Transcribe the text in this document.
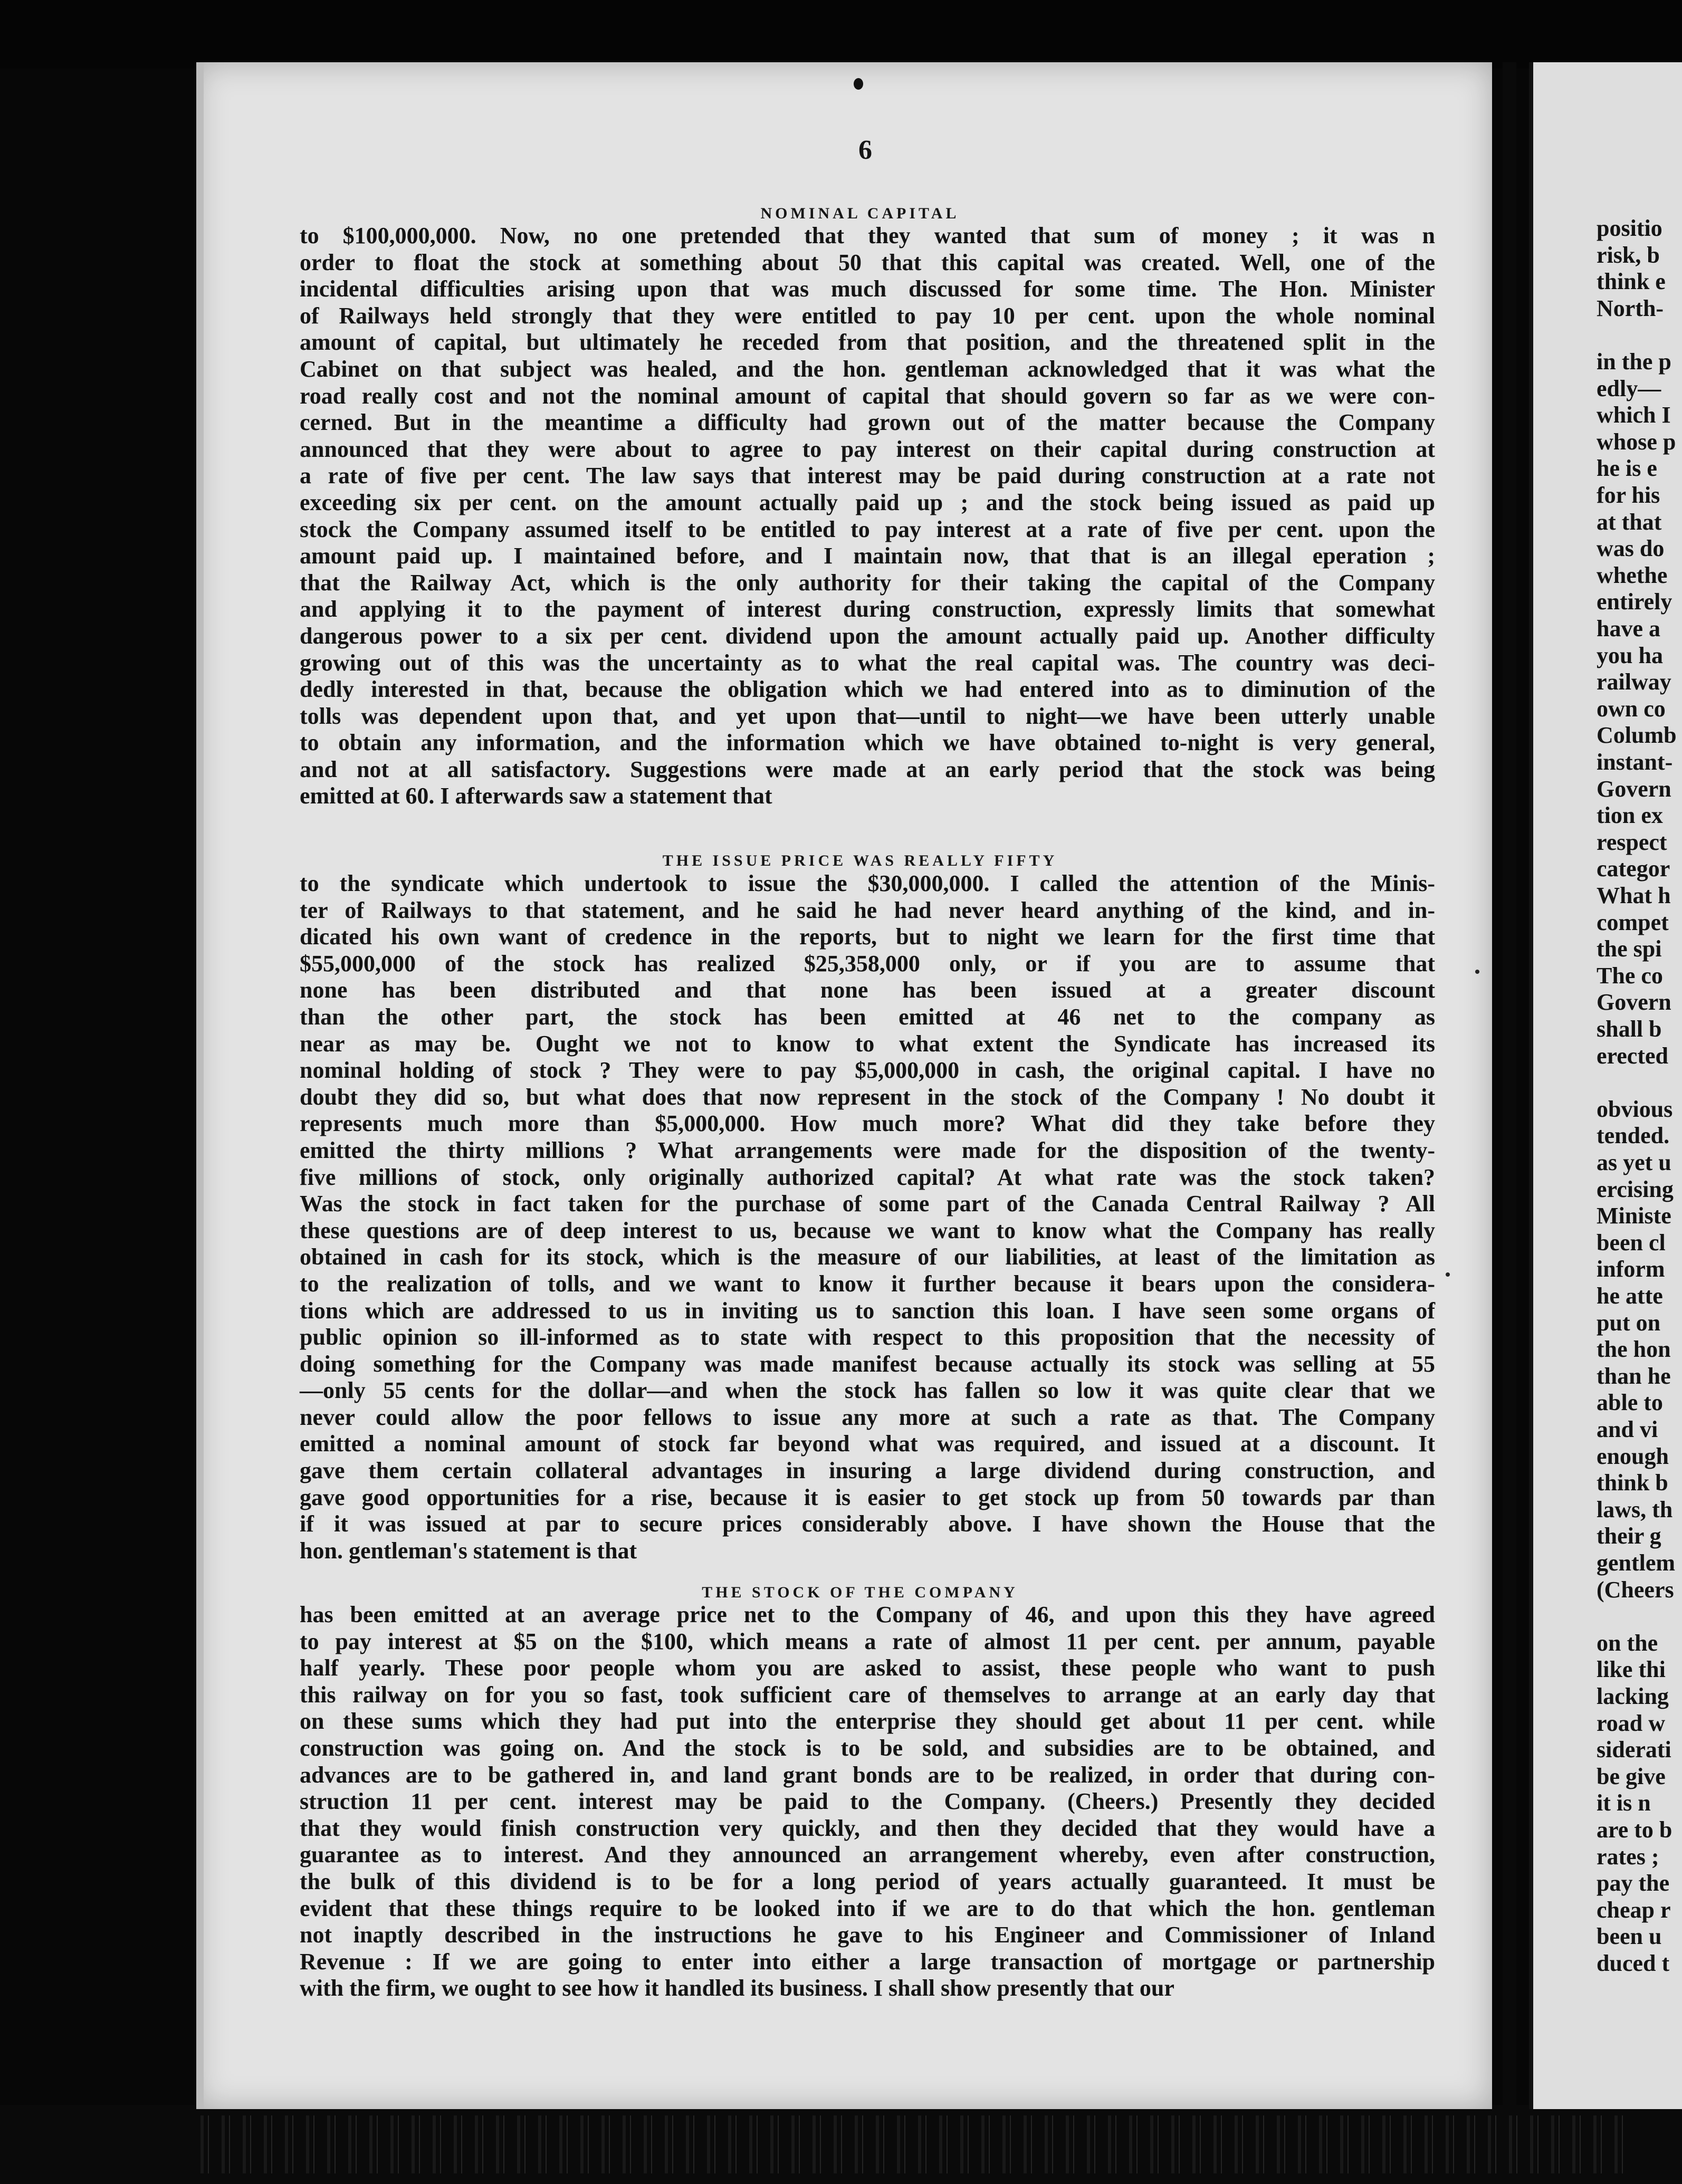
6
NOMINAL CAPITAL
to $100,000,000. Now, no one pretended that they wanted that sum of money ; it was n
order to float the stock at something about 50 that this capital was created. Well, one of the
incidental difficulties arising upon that was much discussed for some time. The Hon. Minister
of Railways held strongly that they were entitled to pay 10 per cent. upon the whole nominal
amount of capital, but ultimately he receded from that position, and the threatened split in the
Cabinet on that subject was healed, and the hon. gentleman acknowledged that it was what the
road really cost and not the nominal amount of capital that should govern so far as we were con-
cerned. But in the meantime a difficulty had grown out of the matter because the Company
announced that they were about to agree to pay interest on their capital during construction at
a rate of five per cent. The law says that interest may be paid during construction at a rate not
exceeding six per cent. on the amount actually paid up ; and the stock being issued as paid up
stock the Company assumed itself to be entitled to pay interest at a rate of five per cent. upon the
amount paid up. I maintained before, and I maintain now, that that is an illegal eperation ;
that the Railway Act, which is the only authority for their taking the capital of the Company
and applying it to the payment of interest during construction, expressly limits that somewhat
dangerous power to a six per cent. dividend upon the amount actually paid up. Another difficulty
growing out of this was the uncertainty as to what the real capital was. The country was deci-
dedly interested in that, because the obligation which we had entered into as to diminution of the
tolls was dependent upon that, and yet upon that—until to night—we have been utterly unable
to obtain any information, and the information which we have obtained to-night is very general,
and not at all satisfactory. Suggestions were made at an early period that the stock was being
emitted at 60. I afterwards saw a statement that
THE ISSUE PRICE WAS REALLY FIFTY
to the syndicate which undertook to issue the $30,000,000. I called the attention of the Minis-
ter of Railways to that statement, and he said he had never heard anything of the kind, and in-
dicated his own want of credence in the reports, but to night we learn for the first time that
$55,000,000 of the stock has realized $25,358,000 only, or if you are to assume that
none has been distributed and that none has been issued at a greater discount
than the other part, the stock has been emitted at 46 net to the company as
near as may be. Ought we not to know to what extent the Syndicate has increased its
nominal holding of stock ? They were to pay $5,000,000 in cash, the original capital. I have no
doubt they did so, but what does that now represent in the stock of the Company ! No doubt it
represents much more than $5,000,000. How much more? What did they take before they
emitted the thirty millions ? What arrangements were made for the disposition of the twenty-
five millions of stock, only originally authorized capital? At what rate was the stock taken?
Was the stock in fact taken for the purchase of some part of the Canada Central Railway ? All
these questions are of deep interest to us, because we want to know what the Company has really
obtained in cash for its stock, which is the measure of our liabilities, at least of the limitation as
to the realization of tolls, and we want to know it further because it bears upon the considera-
tions which are addressed to us in inviting us to sanction this loan. I have seen some organs of
public opinion so ill-informed as to state with respect to this proposition that the necessity of
doing something for the Company was made manifest because actually its stock was selling at 55
—only 55 cents for the dollar—and when the stock has fallen so low it was quite clear that we
never could allow the poor fellows to issue any more at such a rate as that. The Company
emitted a nominal amount of stock far beyond what was required, and issued at a discount. It
gave them certain collateral advantages in insuring a large dividend during construction, and
gave good opportunities for a rise, because it is easier to get stock up from 50 towards par than
if it was issued at par to secure prices considerably above. I have shown the House that the
hon. gentleman's statement is that
THE STOCK OF THE COMPANY
has been emitted at an average price net to the Company of 46, and upon this they have agreed
to pay interest at $5 on the $100, which means a rate of almost 11 per cent. per annum, payable
half yearly. These poor people whom you are asked to assist, these people who want to push
this railway on for you so fast, took sufficient care of themselves to arrange at an early day that
on these sums which they had put into the enterprise they should get about 11 per cent. while
construction was going on. And the stock is to be sold, and subsidies are to be obtained, and
advances are to be gathered in, and land grant bonds are to be realized, in order that during con-
struction 11 per cent. interest may be paid to the Company. (Cheers.) Presently they decided
that they would finish construction very quickly, and then they decided that they would have a
guarantee as to interest. And they announced an arrangement whereby, even after construction,
the bulk of this dividend is to be for a long period of years actually guaranteed. It must be
evident that these things require to be looked into if we are to do that which the hon. gentleman
not inaptly described in the instructions he gave to his Engineer and Commissioner of Inland
Revenue : If we are going to enter into either a large transaction of mortgage or partnership
with the firm, we ought to see how it handled its business. I shall show presently that our
positio
risk, b
think e
North-
in the p
edly—
which I
whose p
he is e
for his
at that
was do
whethe
entirely
have a
you ha
railway
own co
Columb
instant-
Govern
tion ex
respect
categor
What h
compet
the spi
The co
Govern
shall b
erected
obvious
tended.
as yet u
ercising
Ministe
been cl
inform
he atte
put on
the hon
than he
able to
and vi
enough
think b
laws, th
their g
gentlem
(Cheers
on the
like thi
lacking
road w
siderati
be give
it is n
are to b
rates ;
pay the
cheap r
been u
duced t
